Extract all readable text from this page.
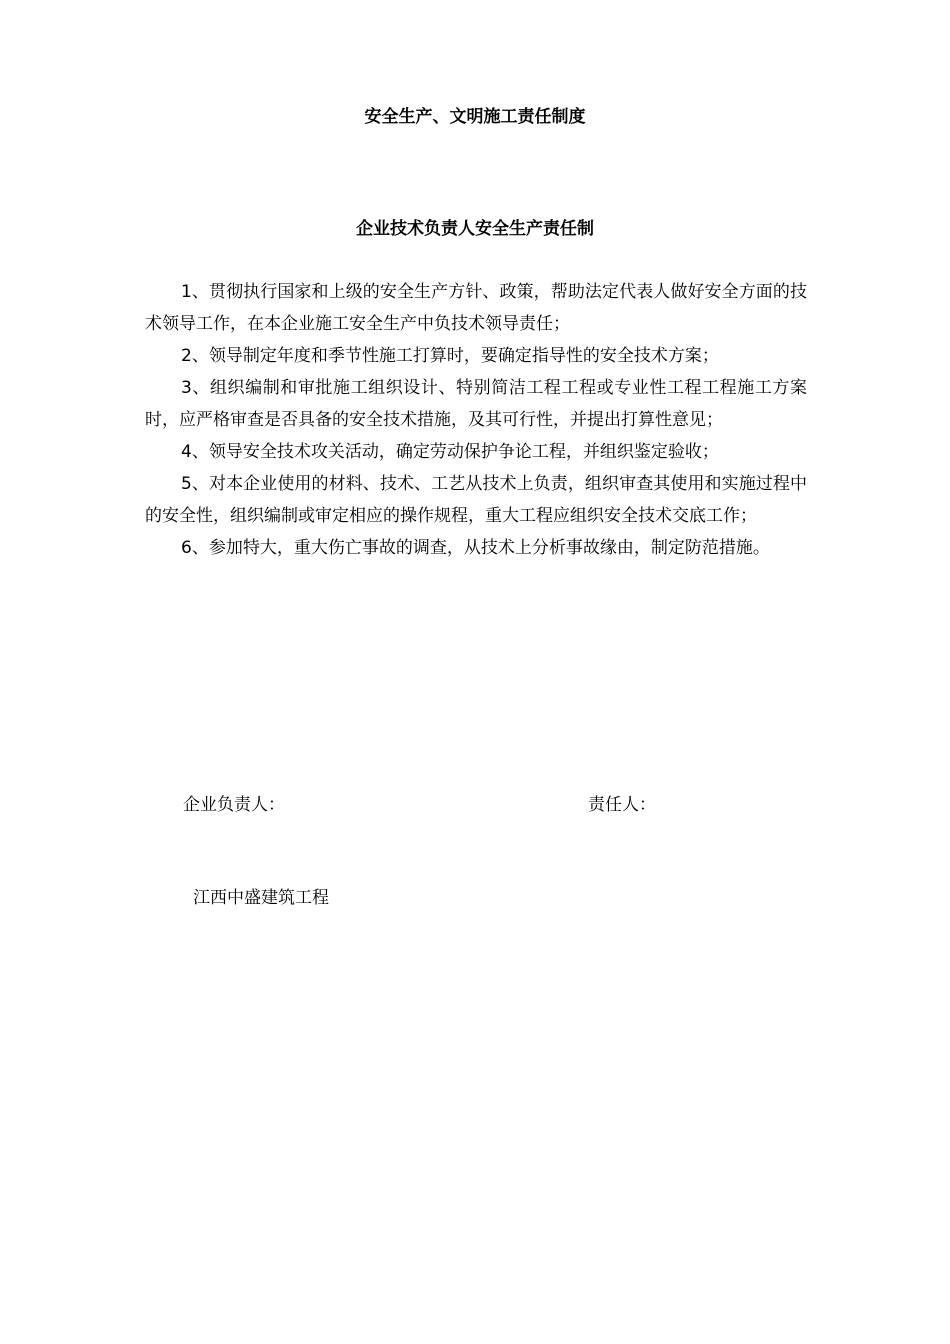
安全生产、文明施工责任制度
企业技术负责人安全生产责任制

1、贯彻执行国家和上级的安全生产方针、政策，帮助法定代表人做好安全方面的技术领导工作，在本企业施工安全生产中负技术领导责任；

2、领导制定年度和季节性施工打算时，要确定指导性的安全技术方案；

3、组织编制和审批施工组织设计、特别简洁工程工程或专业性工程工程施工方案时，应严格审查是否具备的安全技术措施，及其可行性，并提出打算性意见；

4、领导安全技术攻关活动，确定劳动保护争论工程，并组织鉴定验收；

5、对本企业使用的材料、技术、工艺从技术上负责，组织审查其使用和实施过程中的安全性，组织编制或审定相应的操作规程，重大工程应组织安全技术交底工作；

6、参加特大，重大伤亡事故的调查，从技术上分析事故缘由，制定防范措施。

企业负责人：	责任人：
江西中盛建筑工程
